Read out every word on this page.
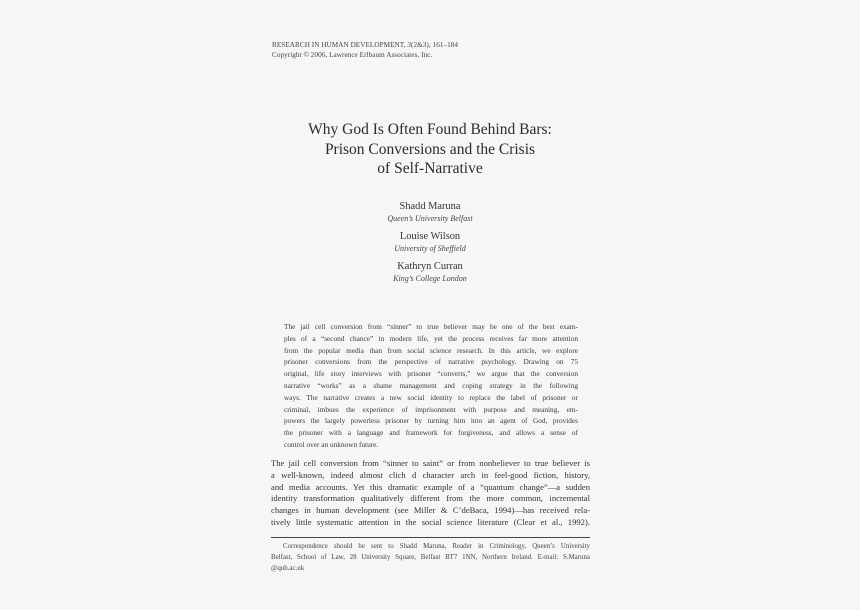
RESEARCH IN HUMAN DEVELOPMENT, 3(2&3), 161–184
Copyright © 2006, Lawrence Erlbaum Associates, Inc.
Why God Is Often Found Behind Bars:
Prison Conversions and the Crisis
of Self-Narrative
Shadd Maruna
Queen’s University Belfast
Louise Wilson
University of Sheffield
Kathryn Curran
King’s College London
The jail cell conversion from “sinner” to true believer may be one of the best exam-
ples of a “second chance” in modern life, yet the process receives far more attention
from the popular media than from social science research. In this article, we explore
prisoner conversions from the perspective of narrative psychology. Drawing on 75
original, life story interviews with prisoner “converts,” we argue that the conversion
narrative “works” as a shame management and coping strategy in the following
ways. The narrative creates a new social identity to replace the label of prisoner or
criminal, imbues the experience of imprisonment with purpose and meaning, em-
powers the largely powerless prisoner by turning him into an agent of God, provides
the prisoner with a language and framework for forgiveness, and allows a sense of
control over an unknown future.
The jail cell conversion from “sinner to saint” or from nonbeliever to true believer is
a well-known, indeed almost clich d character arch in feel-good fiction, history,
and media accounts. Yet this dramatic example of a “quantum change”—a sudden
identity transformation qualitatively different from the more common, incremental
changes in human development (see Miller & C’deBaca, 1994)—has received rela-
tively little systematic attention in the social science literature (Clear et al., 1992).
Correspondence should be sent to Shadd Maruna, Reader in Criminology, Queen’s University
Belfast, School of Law, 28 University Square, Belfast BT7 1NN, Northern Ireland. E-mail: S.Maruna
@qub.ac.uk
